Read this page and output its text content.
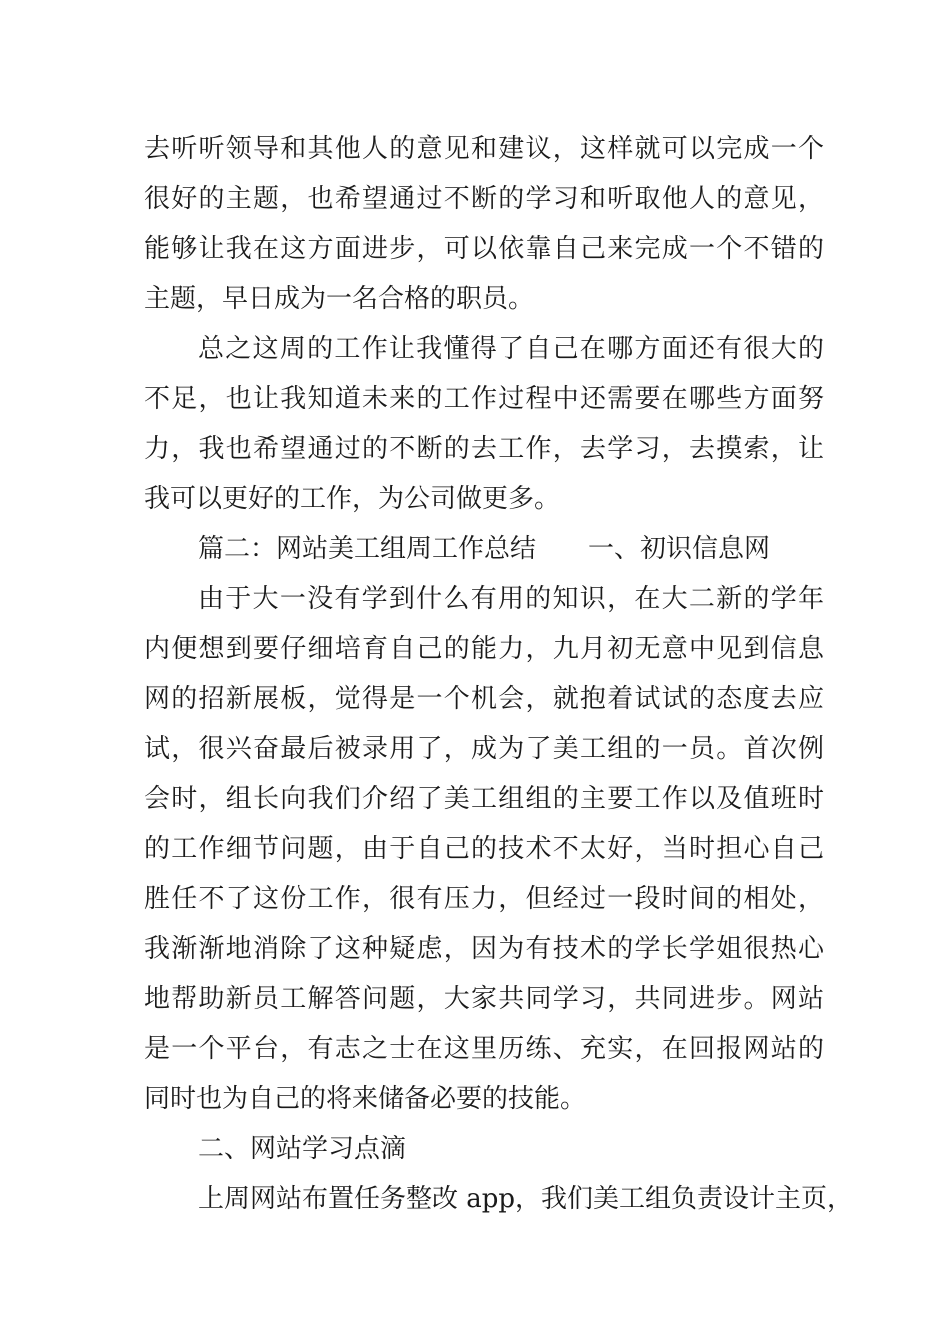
去听听领导和其他人的意见和建议，这样就可以完成一个
很好的主题，也希望通过不断的学习和听取他人的意见，
能够让我在这方面进步，可以依靠自己来完成一个不错的
主题，早日成为一名合格的职员。
总之这周的工作让我懂得了自己在哪方面还有很大的
不足，也让我知道未来的工作过程中还需要在哪些方面努
力，我也希望通过的不断的去工作，去学习，去摸索，让
我可以更好的工作，为公司做更多。
篇二：网站美工组周工作总结 一、初识信息网
由于大一没有学到什么有用的知识，在大二新的学年
内便想到要仔细培育自己的能力，九月初无意中见到信息
网的招新展板，觉得是一个机会，就抱着试试的态度去应
试，很兴奋最后被录用了，成为了美工组的一员。首次例
会时，组长向我们介绍了美工组组的主要工作以及值班时
的工作细节问题，由于自己的技术不太好，当时担心自己
胜任不了这份工作，很有压力，但经过一段时间的相处，
我渐渐地消除了这种疑虑，因为有技术的学长学姐很热心
地帮助新员工解答问题，大家共同学习，共同进步。网站
是一个平台，有志之士在这里历练、充实，在回报网站的
同时也为自己的将来储备必要的技能。
二、网站学习点滴
上周网站布置任务整改 app，我们美工组负责设计主页，
